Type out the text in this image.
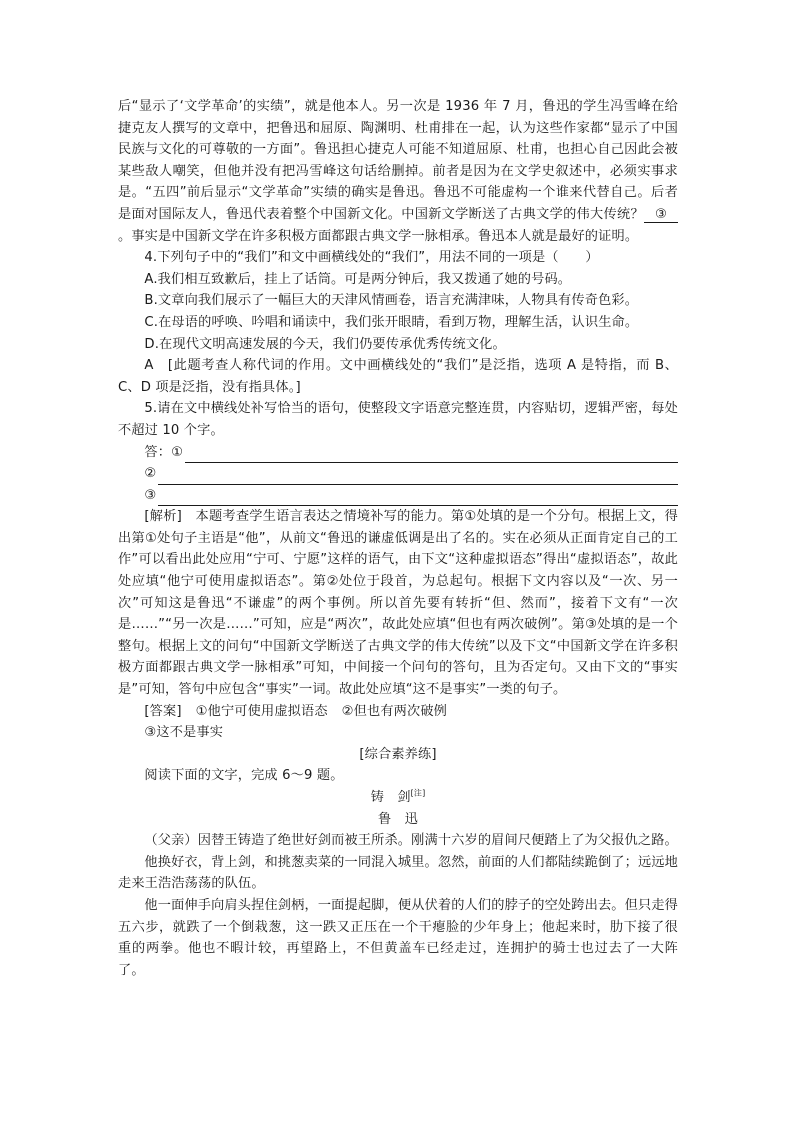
后“显示了‘文学革命’的实绩”，就是他本人。另一次是 1936 年 7 月，鲁迅的学生冯雪峰在给捷克友人撰写的文章中，把鲁迅和屈原、陶渊明、杜甫排在一起，认为这些作家都“显示了中国民族与文化的可尊敬的一方面”。鲁迅担心捷克人可能不知道屈原、杜甫，也担心自己因此会被某些敌人嘲笑，但他并没有把冯雪峰这句话给删掉。前者是因为在文学史叙述中，必须实事求是。“五四”前后显示“文学革命”实绩的确实是鲁迅。鲁迅不可能虚构一个谁来代替自己。后者是面对国际友人，鲁迅代表着整个中国新文化。中国新文学断送了古典文学的伟大传统？ ③。事实是中国新文学在许多积极方面都跟古典文学一脉相承。鲁迅本人就是最好的证明。

4.下列句子中的“我们”和文中画横线处的“我们”，用法不同的一项是（　　）

A.我们相互致歉后，挂上了话筒。可是两分钟后，我又拨通了她的号码。

B.文章向我们展示了一幅巨大的天津风情画卷，语言充满津味，人物具有传奇色彩。

C.在母语的呼唤、吟唱和诵读中，我们张开眼睛，看到万物，理解生活，认识生命。

D.在现代文明高速发展的今天，我们仍要传承优秀传统文化。

A　[此题考查人称代词的作用。文中画横线处的“我们”是泛指，选项 A 是特指，而 B、C、D 项是泛指，没有指具体。]

5.请在文中横线处补写恰当的语句，使整段文字语意完整连贯，内容贴切，逻辑严密，每处不超过 10 个字。

答：①
②
③

[解析]　本题考查学生语言表达之情境补写的能力。第①处填的是一个分句。根据上文，得出第①处句子主语是“他”，从前文“鲁迅的谦虚低调是出了名的。实在必须从正面肯定自己的工作”可以看出此处应用“宁可、宁愿”这样的语气，由下文“这种虚拟语态”得出“虚拟语态”，故此处应填“他宁可使用虚拟语态”。第②处位于段首，为总起句。根据下文内容以及“一次、另一次”可知这是鲁迅“不谦虚”的两个事例。所以首先要有转折“但、然而”，接着下文有“一次是……”“另一次是……”可知，应是“两次”，故此处应填“但也有两次破例”。第③处填的是一个整句。根据上文的问句“中国新文学断送了古典文学的伟大传统”以及下文“中国新文学在许多积极方面都跟古典文学一脉相承”可知，中间接一个问句的答句，且为否定句。又由下文的“事实是”可知，答句中应包含“事实”一词。故此处应填“这不是事实”一类的句子。

[答案] ①他宁可使用虚拟语态 ②但也有两次破例

③这不是事实

[综合素养练]

阅读下面的文字，完成 6～9 题。

铸　剑[注]

鲁　迅

（父亲）因替王铸造了绝世好剑而被王所杀。刚满十六岁的眉间尺便踏上了为父报仇之路。

他换好衣，背上剑，和挑葱卖菜的一同混入城里。忽然，前面的人们都陆续跪倒了；远远地走来王浩浩荡荡的队伍。

他一面伸手向肩头捏住剑柄，一面提起脚，便从伏着的人们的脖子的空处跨出去。但只走得五六步，就跌了一个倒栽葱，这一跌又正压在一个干瘪脸的少年身上；他起来时，肋下接了很重的两拳。他也不暇计较，再望路上，不但黄盖车已经走过，连拥护的骑士也过去了一大阵了。
